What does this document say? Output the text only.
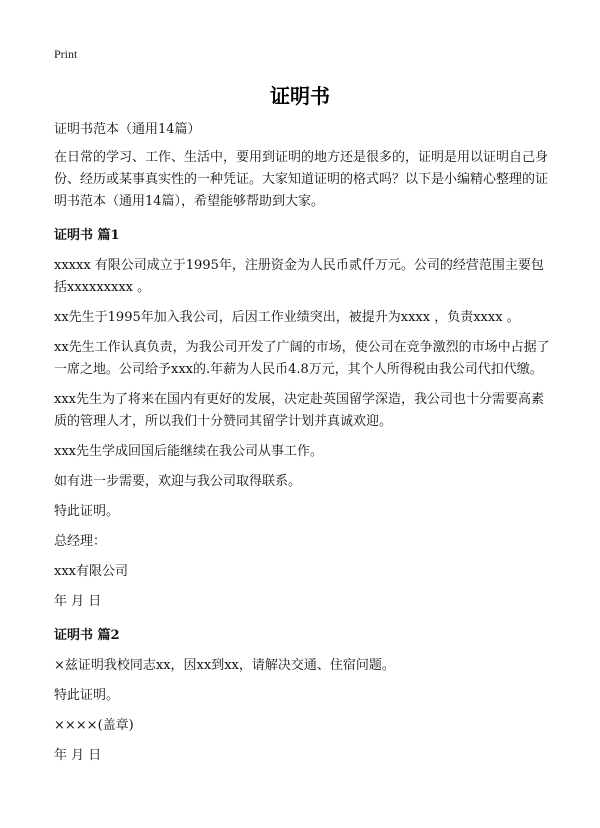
Print
证明书

证明书范本（通用14篇）

在日常的学习、工作、生活中，要用到证明的地方还是很多的，证明是用以证明自己身份、经历或某事真实性的一种凭证。大家知道证明的格式吗？以下是小编精心整理的证明书范本（通用14篇），希望能够帮助到大家。

证明书 篇1

xxxxx 有限公司成立于1995年，注册资金为人民币贰仟万元。公司的经营范围主要包括xxxxxxxxx 。

xx先生于1995年加入我公司，后因工作业绩突出，被提升为xxxx ，负责xxxx 。

xx先生工作认真负责，为我公司开发了广阔的市场，使公司在竞争激烈的市场中占据了一席之地。公司给予xxx的.年薪为人民币4.8万元，其个人所得税由我公司代扣代缴。

xxx先生为了将来在国内有更好的发展，决定赴英国留学深造，我公司也十分需要高素质的管理人才，所以我们十分赞同其留学计划并真诚欢迎。

xxx先生学成回国后能继续在我公司从事工作。

如有进一步需要，欢迎与我公司取得联系。

特此证明。

总经理：

xxx有限公司

年 月 日

证明书 篇2

×兹证明我校同志xx，因xx到xx，请解决交通、住宿问题。

特此证明。

××××(盖章)

年 月 日
